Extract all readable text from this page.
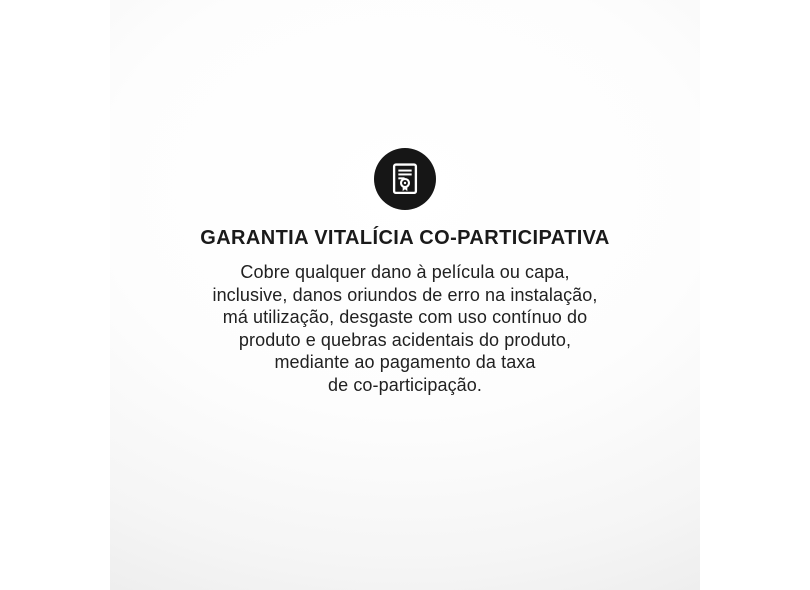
GARANTIA VITALÍCIA CO-PARTICIPATIVA
Cobre qualquer dano à película ou capa,
inclusive, danos oriundos de erro na instalação,
má utilização, desgaste com uso contínuo do
produto e quebras acidentais do produto,
mediante ao pagamento da taxa
de co-participação.
